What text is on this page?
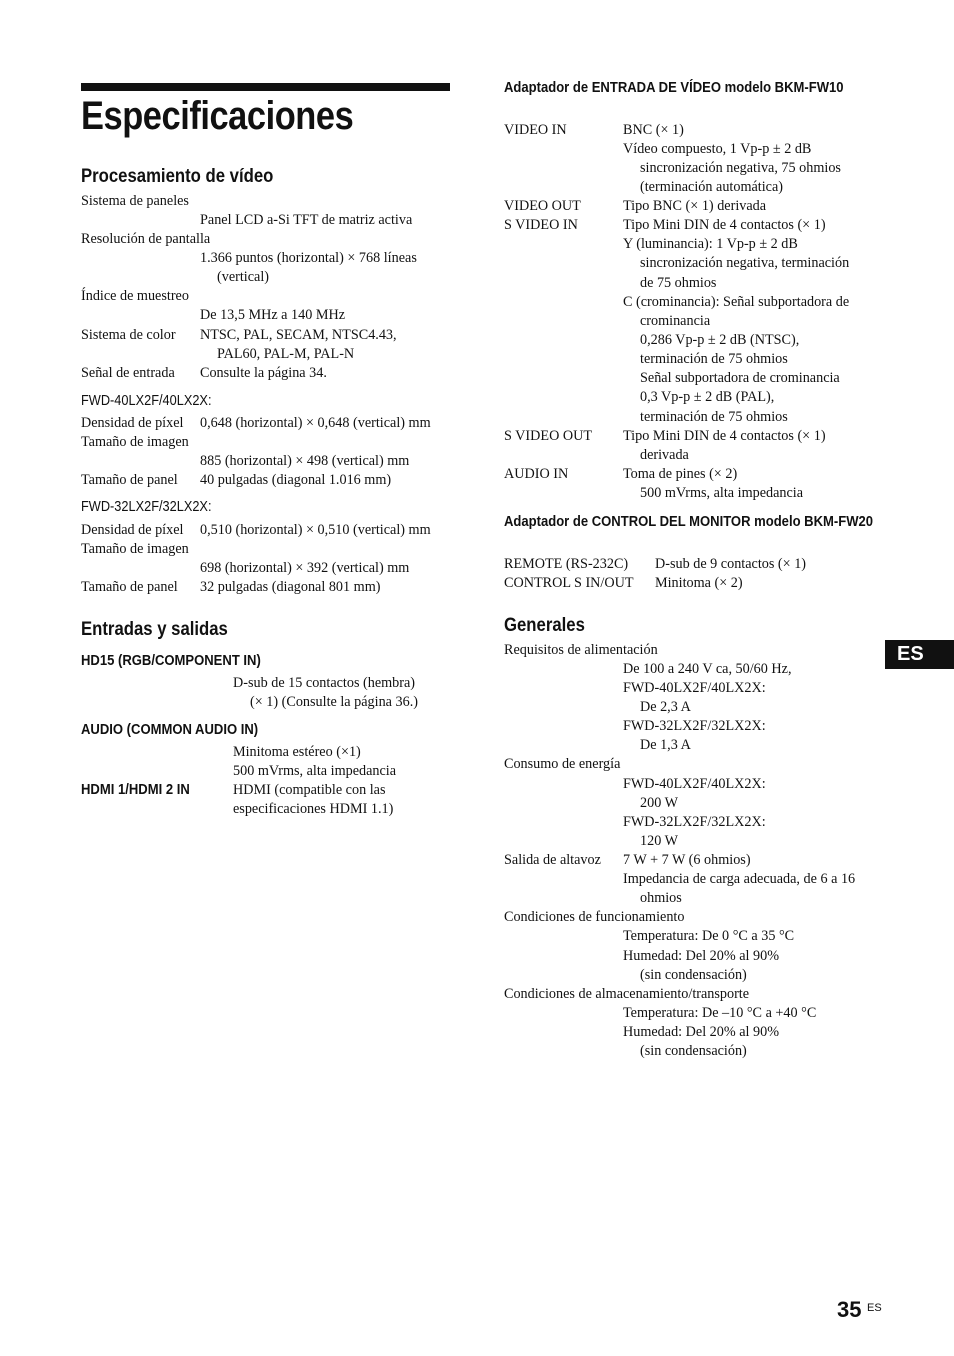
Especificaciones
Procesamiento de vídeo
Sistema de paneles
Panel LCD a-Si TFT de matriz activa
Resolución de pantalla
1.366 puntos (horizontal) × 768 líneas
(vertical)
Índice de muestreo
De 13,5 MHz a 140 MHz
Sistema de color NTSC, PAL, SECAM, NTSC4.43,
PAL60, PAL-M, PAL-N
Señal de entrada Consulte la página 34.
FWD-40LX2F/40LX2X:
Densidad de píxel 0,648 (horizontal) × 0,648 (vertical) mm
Tamaño de imagen
885 (horizontal) × 498 (vertical) mm
Tamaño de panel 40 pulgadas (diagonal 1.016 mm)
FWD-32LX2F/32LX2X:
Densidad de píxel 0,510 (horizontal) × 0,510 (vertical) mm
Tamaño de imagen
698 (horizontal) × 392 (vertical) mm
Tamaño de panel 32 pulgadas (diagonal 801 mm)
Entradas y salidas
HD15 (RGB/COMPONENT IN)
D-sub de 15 contactos (hembra)
(× 1) (Consulte la página 36.)
AUDIO (COMMON AUDIO IN)
Minitoma estéreo (×1)
500 mVrms, alta impedancia
HDMI 1/HDMI 2 IN	HDMI (compatible con las
especificaciones HDMI 1.1)
Adaptador de ENTRADA DE VÍDEO modelo BKM-FW10
VIDEO IN	BNC (× 1)
Vídeo compuesto, 1 Vp-p ± 2 dB
sincronización negativa, 75 ohmios
(terminación automática)
VIDEO OUT	Tipo BNC (× 1) derivada
S VIDEO IN	Tipo Mini DIN de 4 contactos (× 1)
Y (luminancia): 1 Vp-p ± 2 dB
sincronización negativa, terminación
de 75 ohmios
C (crominancia): Señal subportadora de
crominancia
0,286 Vp-p ± 2 dB (NTSC),
terminación de 75 ohmios
Señal subportadora de crominancia
0,3 Vp-p ± 2 dB (PAL),
terminación de 75 ohmios
S VIDEO OUT Tipo Mini DIN de 4 contactos (× 1)
derivada
AUDIO IN	Toma de pines (× 2)
500 mVrms, alta impedancia
Adaptador de CONTROL DEL MONITOR modelo BKM-FW20
REMOTE (RS-232C) D-sub de 9 contactos (× 1)
CONTROL S IN/OUT Minitoma (× 2)
Generales
Requisitos de alimentación
De 100 a 240 V ca, 50/60 Hz,
FWD-40LX2F/40LX2X:
De 2,3 A
FWD-32LX2F/32LX2X:
De 1,3 A
Consumo de energía
FWD-40LX2F/40LX2X:
200 W
FWD-32LX2F/32LX2X:
120 W
Salida de altavoz 7 W + 7 W (6 ohmios)
Impedancia de carga adecuada, de 6 a 16
ohmios
Condiciones de funcionamiento
Temperatura: De 0 °C a 35 °C
Humedad: Del 20% al 90%
(sin condensación)
Condiciones de almacenamiento/transporte
Temperatura: De –10 °C a +40 °C
Humedad: Del 20% al 90%
(sin condensación)
ES
35 ES
